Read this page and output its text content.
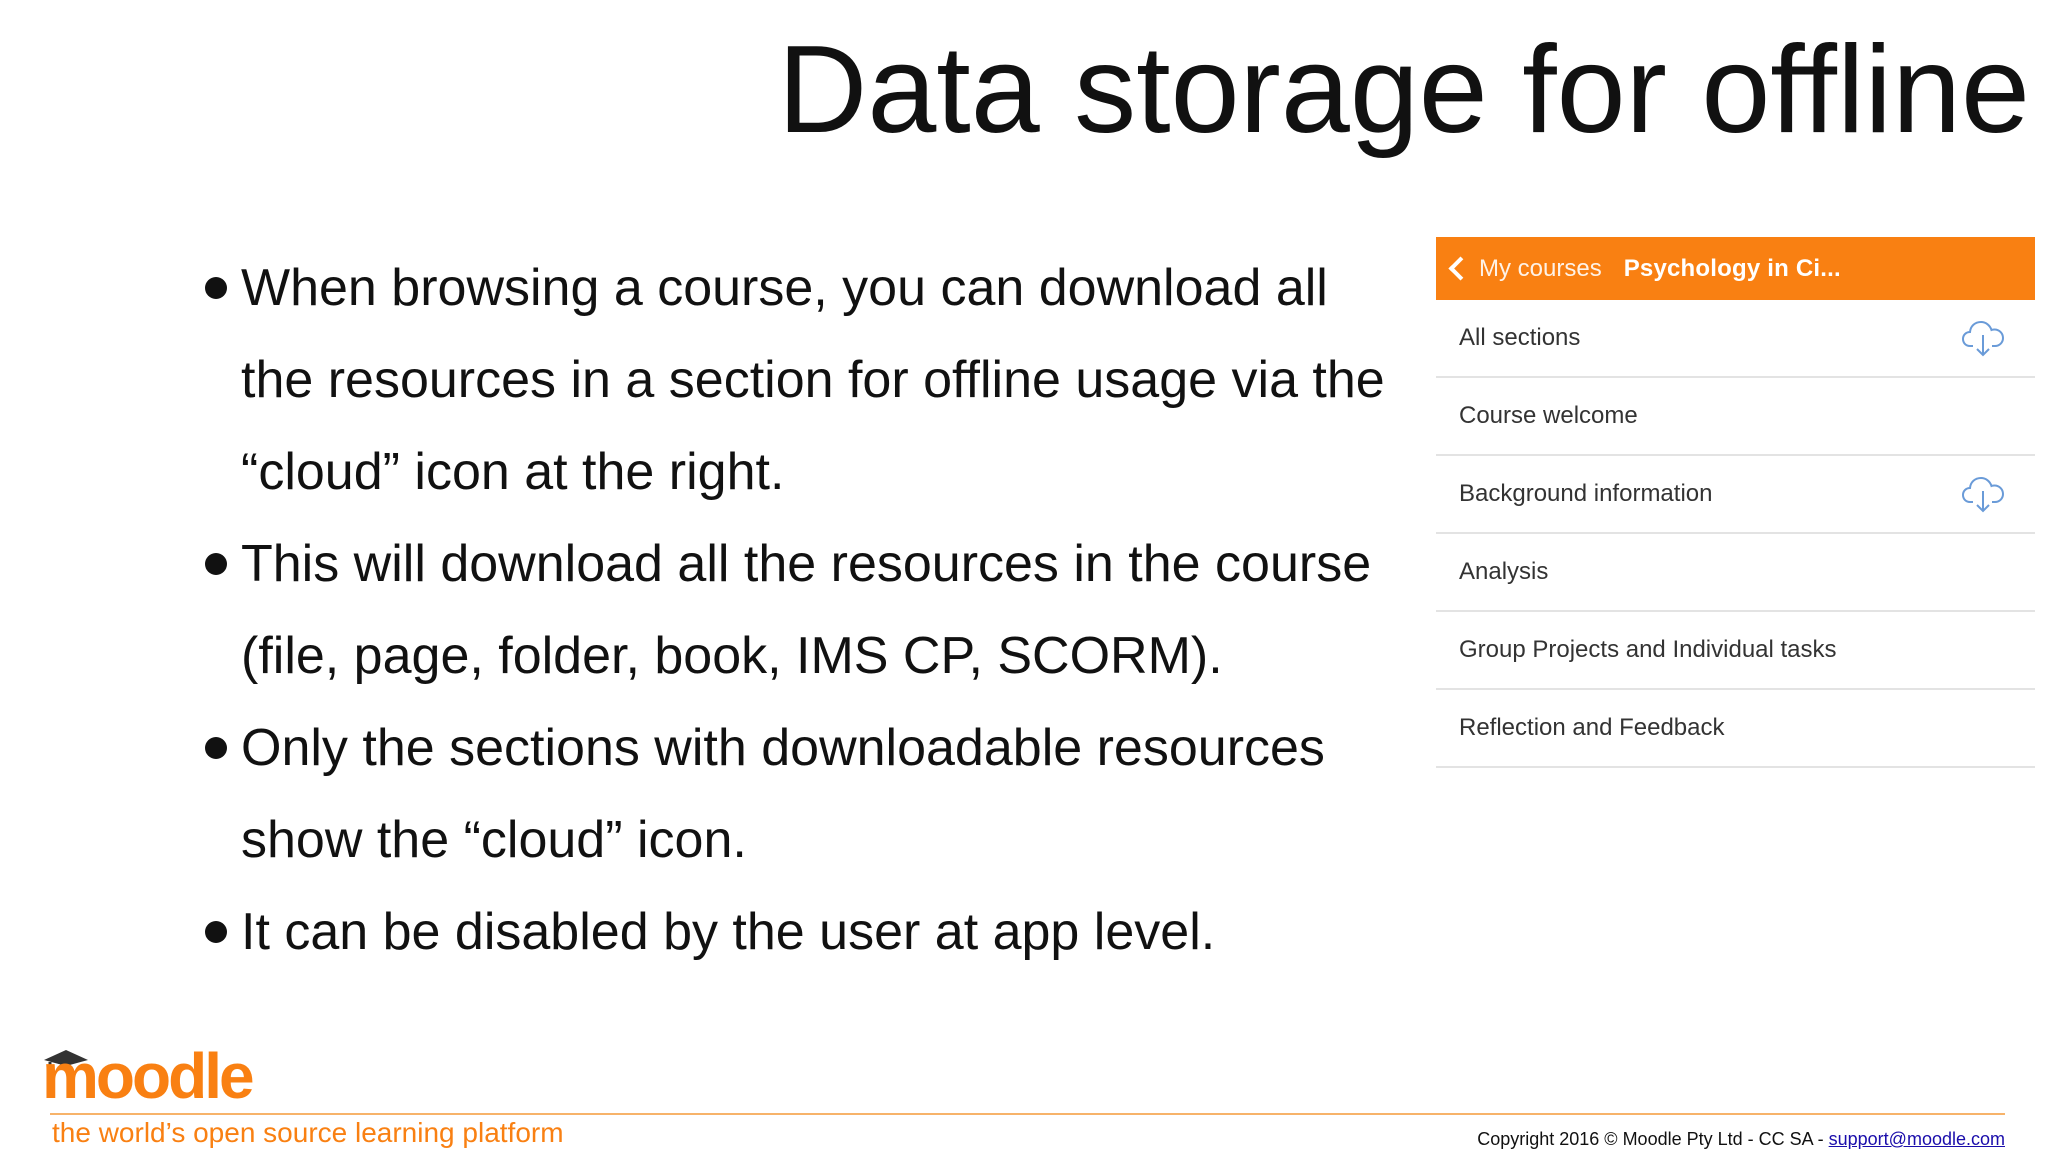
Data storage for offline
When browsing a course, you can download all the resources in a section for offline usage via the “cloud” icon at the right.
This will download all the resources in the course (file, page, folder, book, IMS CP, SCORM).
Only the sections with downloadable resources show the “cloud” icon.
It can be disabled by the user at app level.
My courses Psychology in Ci...
All sections
Course welcome
Background information
Analysis
Group Projects and Individual tasks
Reflection and Feedback
moodle
the world’s open source learning platform	Copyright 2016 © Moodle Pty Ltd - CC SA - support@moodle.com
